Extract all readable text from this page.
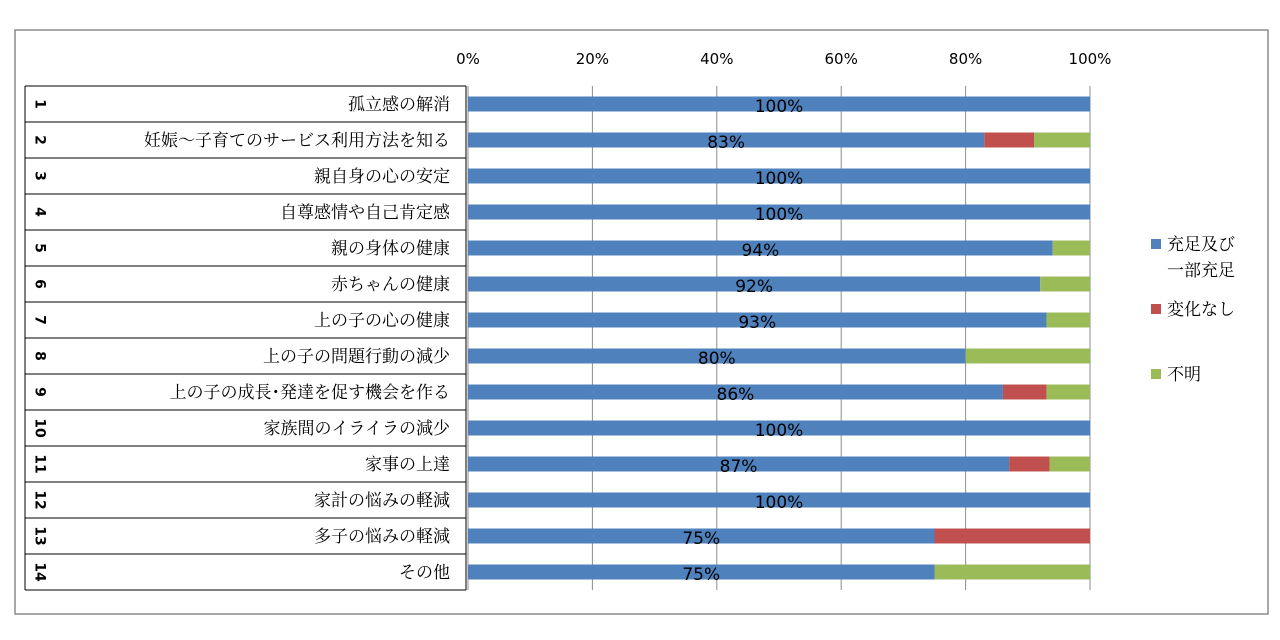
0%	20%	40%	60%	80%	100%
1	孤立感の解消
2	妊娠～子育てのサービス利用方法を知る
3	親自身の心の安定
4	自尊感情や自己肯定感
5	親の身体の健康
6	赤ちゃんの健康
7	上の子の心の健康
8	上の子の問題行動の減少
9	上の子の成長･発達を促す機会を作る
10	家族間のイライラの減少
11	家事の上達
12	家計の悩みの軽減
13	多子の悩みの軽減
14	その他
100%
83%
100%
100%
94%
92%
93%
80%
86%
100%
87%
100%
75%
75%
充足及び
一部充足
変化なし
不明
